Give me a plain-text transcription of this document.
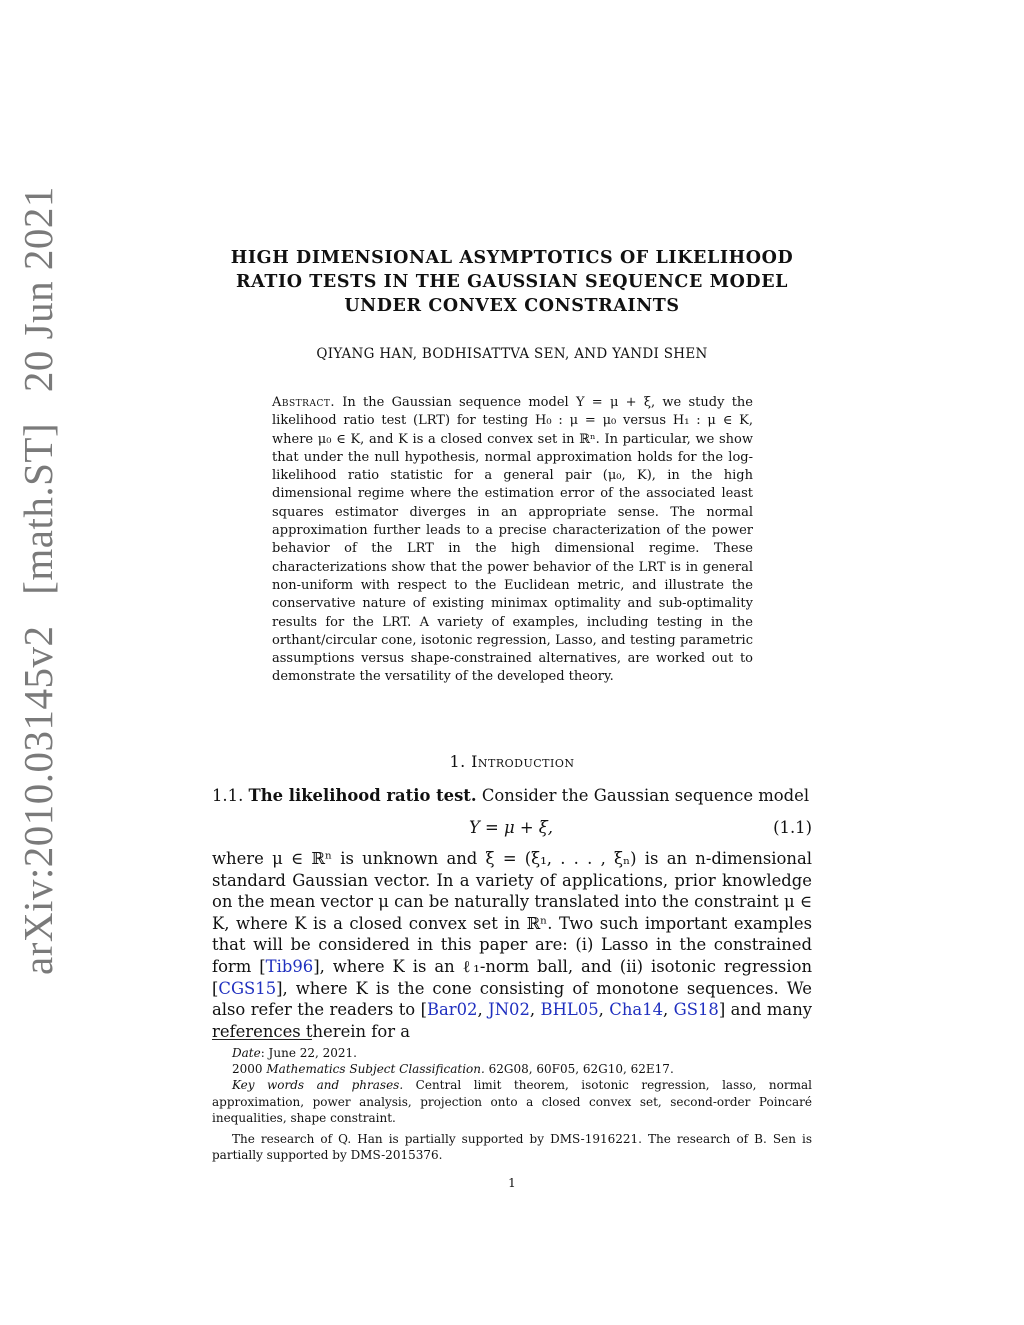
arXiv:2010.03145v2 [math.ST] 20 Jun 2021	HIGH DIMENSIONAL ASYMPTOTICS OF LIKELIHOOD
RATIO TESTS IN THE GAUSSIAN SEQUENCE MODEL
UNDER CONVEX CONSTRAINTS
QIYANG HAN, BODHISATTVA SEN, AND YANDI SHEN
Abstract. In the Gaussian sequence model Y = μ + ξ, we study the likelihood ratio test (LRT) for testing H₀ : μ = μ₀ versus H₁ : μ ∈ K, where μ₀ ∈ K, and K is a closed convex set in ℝⁿ. In particular, we show that under the null hypothesis, normal approximation holds for the log-likelihood ratio statistic for a general pair (μ₀, K), in the high dimensional regime where the estimation error of the associated least squares estimator diverges in an appropriate sense. The normal approximation further leads to a precise characterization of the power behavior of the LRT in the high dimensional regime. These characterizations show that the power behavior of the LRT is in general non-uniform with respect to the Euclidean metric, and illustrate the conservative nature of existing minimax optimality and sub-optimality results for the LRT. A variety of examples, including testing in the orthant/circular cone, isotonic regression, Lasso, and testing parametric assumptions versus shape-constrained alternatives, are worked out to demonstrate the versatility of the developed theory.
1. Introduction
1.1. The likelihood ratio test. Consider the Gaussian sequence model
Y = μ + ξ,	(1.1)
where μ ∈ ℝⁿ is unknown and ξ = (ξ₁, . . . , ξₙ) is an n-dimensional standard Gaussian vector. In a variety of applications, prior knowledge on the mean vector μ can be naturally translated into the constraint μ ∈ K, where K is a closed convex set in ℝⁿ. Two such important examples that will be considered in this paper are: (i) Lasso in the constrained form [Tib96], where K is an ℓ₁-norm ball, and (ii) isotonic regression [CGS15], where K is the cone consisting of monotone sequences. We also refer the readers to [Bar02, JN02, BHL05, Cha14, GS18] and many references therein for a

Date: June 22, 2021.

2000 Mathematics Subject Classification. 62G08, 60F05, 62G10, 62E17.

Key words and phrases. Central limit theorem, isotonic regression, lasso, normal approximation, power analysis, projection onto a closed convex set, second-order Poincaré inequalities, shape constraint.

The research of Q. Han is partially supported by DMS-1916221. The research of B. Sen is partially supported by DMS-2015376.

1
